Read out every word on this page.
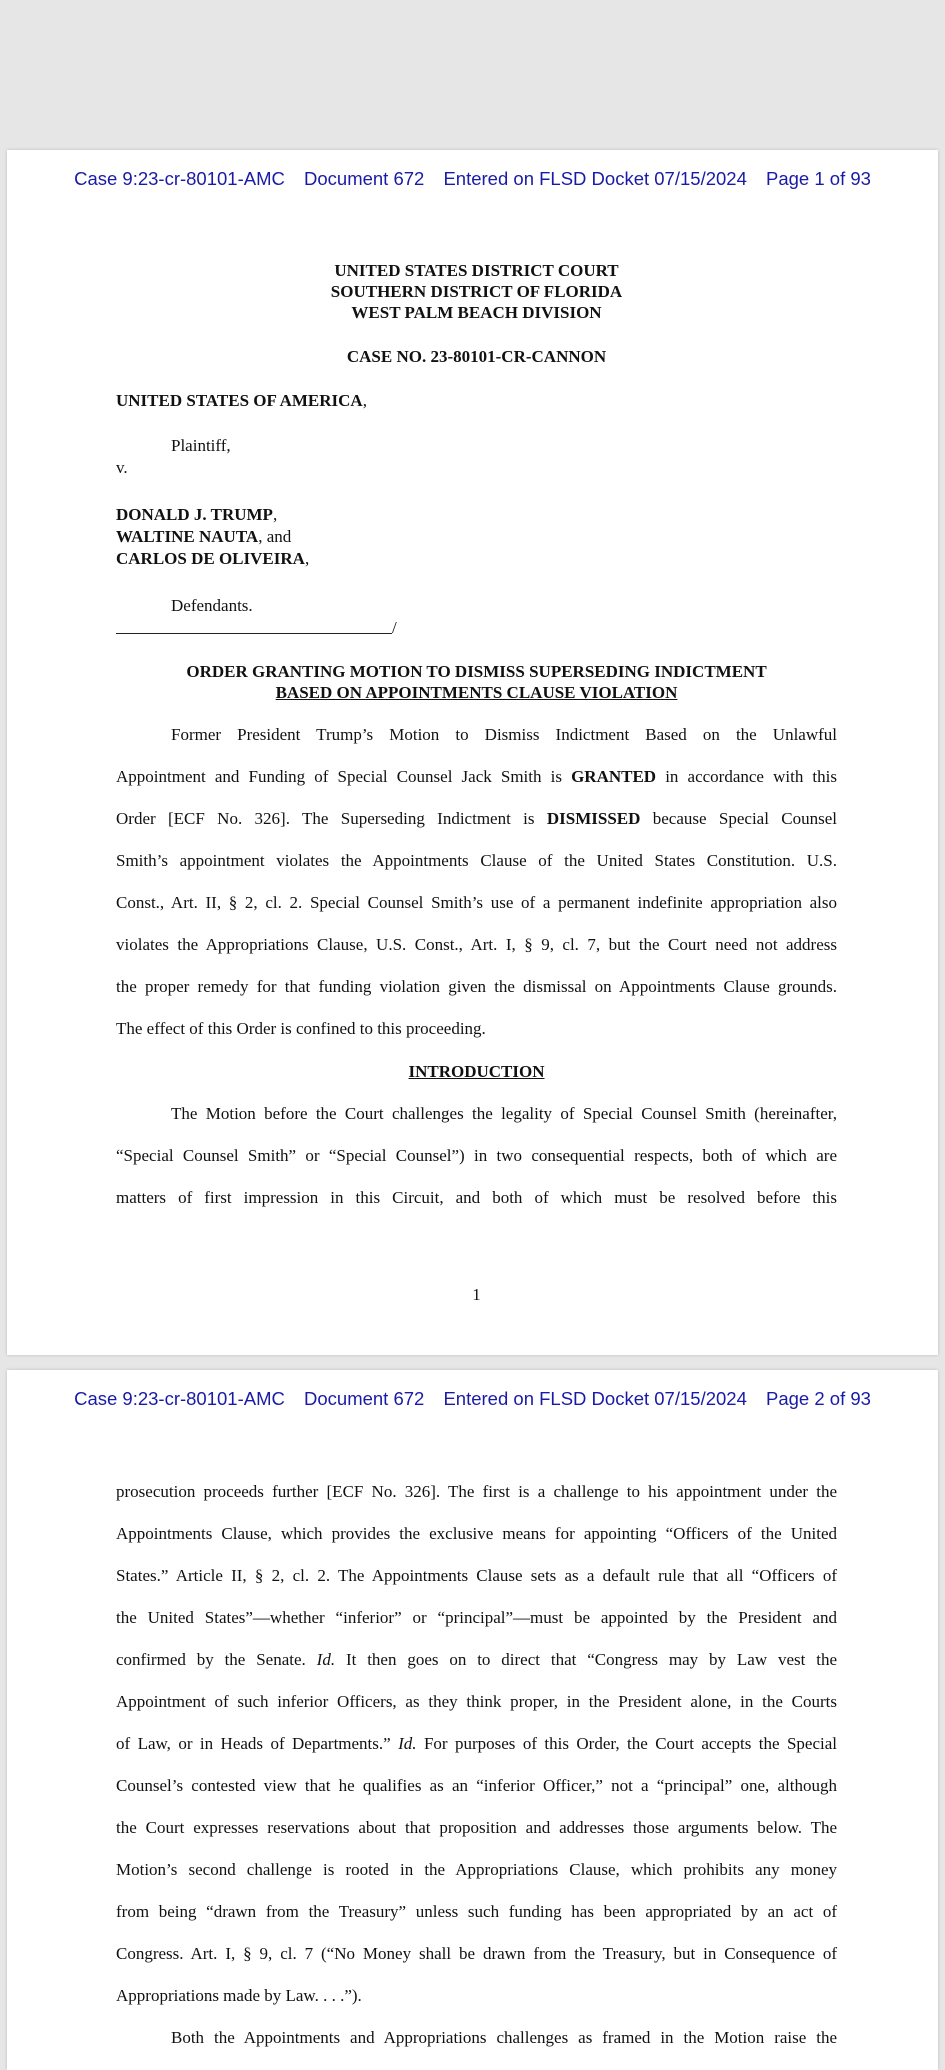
Case 9:23-cr-80101-AMC Document 672 Entered on FLSD Docket 07/15/2024 Page 1 of 93
UNITED STATES DISTRICT COURT
SOUTHERN DISTRICT OF FLORIDA
WEST PALM BEACH DIVISION
CASE NO. 23-80101-CR-CANNON
UNITED STATES OF AMERICA,
Plaintiff,
v.
DONALD J. TRUMP,
WALTINE NAUTA, and
CARLOS DE OLIVEIRA,
Defendants.
/
ORDER GRANTING MOTION TO DISMISS SUPERSEDING INDICTMENT
BASED ON APPOINTMENTS CLAUSE VIOLATION
Former President Trump’s Motion to Dismiss Indictment Based on the Unlawful
Appointment and Funding of Special Counsel Jack Smith is GRANTED in accordance with this
Order [ECF No. 326]. The Superseding Indictment is DISMISSED because Special Counsel
Smith’s appointment violates the Appointments Clause of the United States Constitution. U.S.
Const., Art. II, § 2, cl. 2. Special Counsel Smith’s use of a permanent indefinite appropriation also
violates the Appropriations Clause, U.S. Const., Art. I, § 9, cl. 7, but the Court need not address
the proper remedy for that funding violation given the dismissal on Appointments Clause grounds.
The effect of this Order is confined to this proceeding.
INTRODUCTION
The Motion before the Court challenges the legality of Special Counsel Smith (hereinafter,
“Special Counsel Smith” or “Special Counsel”) in two consequential respects, both of which are
matters of first impression in this Circuit, and both of which must be resolved before this
1
Case 9:23-cr-80101-AMC Document 672 Entered on FLSD Docket 07/15/2024 Page 2 of 93
prosecution proceeds further [ECF No. 326]. The first is a challenge to his appointment under the
Appointments Clause, which provides the exclusive means for appointing “Officers of the United
States.” Article II, § 2, cl. 2. The Appointments Clause sets as a default rule that all “Officers of
the United States”—whether “inferior” or “principal”—must be appointed by the President and
confirmed by the Senate. Id. It then goes on to direct that “Congress may by Law vest the
Appointment of such inferior Officers, as they think proper, in the President alone, in the Courts
of Law, or in Heads of Departments.” Id. For purposes of this Order, the Court accepts the Special
Counsel’s contested view that he qualifies as an “inferior Officer,” not a “principal” one, although
the Court expresses reservations about that proposition and addresses those arguments below. The
Motion’s second challenge is rooted in the Appropriations Clause, which prohibits any money
from being “drawn from the Treasury” unless such funding has been appropriated by an act of
Congress. Art. I, § 9, cl. 7 (“No Money shall be drawn from the Treasury, but in Consequence of
Appropriations made by Law. . . .”).
Both the Appointments and Appropriations challenges as framed in the Motion raise the
